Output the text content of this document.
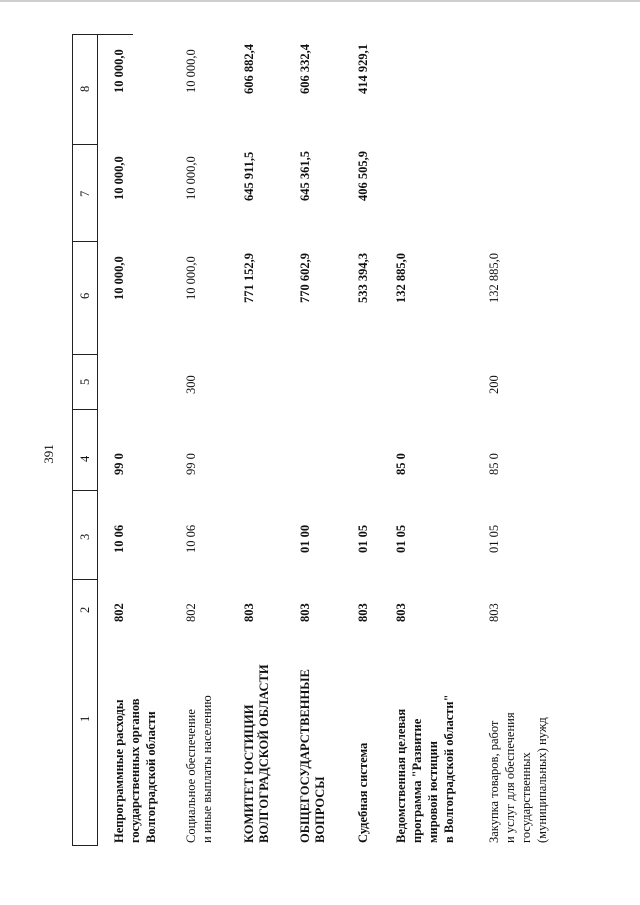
391
1
2
3
4
5
6
7
8
Непрограммные расходы государственных органов Волгоградской области
802
10 06
99 0
10 000,0
10 000,0
10 000,0
Социальное обеспечение и иные выплаты населению
802
10 06
99 0
300
10 000,0
10 000,0
10 000,0
КОМИТЕТ ЮСТИЦИИ ВОЛГОГРАДСКОЙ ОБЛАСТИ
803
771 152,9
645 911,5
606 882,4
ОБЩЕГОСУДАРСТВЕННЫЕ ВОПРОСЫ
803
01 00
770 602,9
645 361,5
606 332,4
Судебная система
803
01 05
533 394,3
406 505,9
414 929,1
Ведомственная целевая программа "Развитие мировой юстиции в Волгоградской области"
803
01 05
85 0
132 885,0
Закупка товаров, работ и услуг для обеспечения государственных (муниципальных) нужд
803
01 05
85 0
200
132 885,0
